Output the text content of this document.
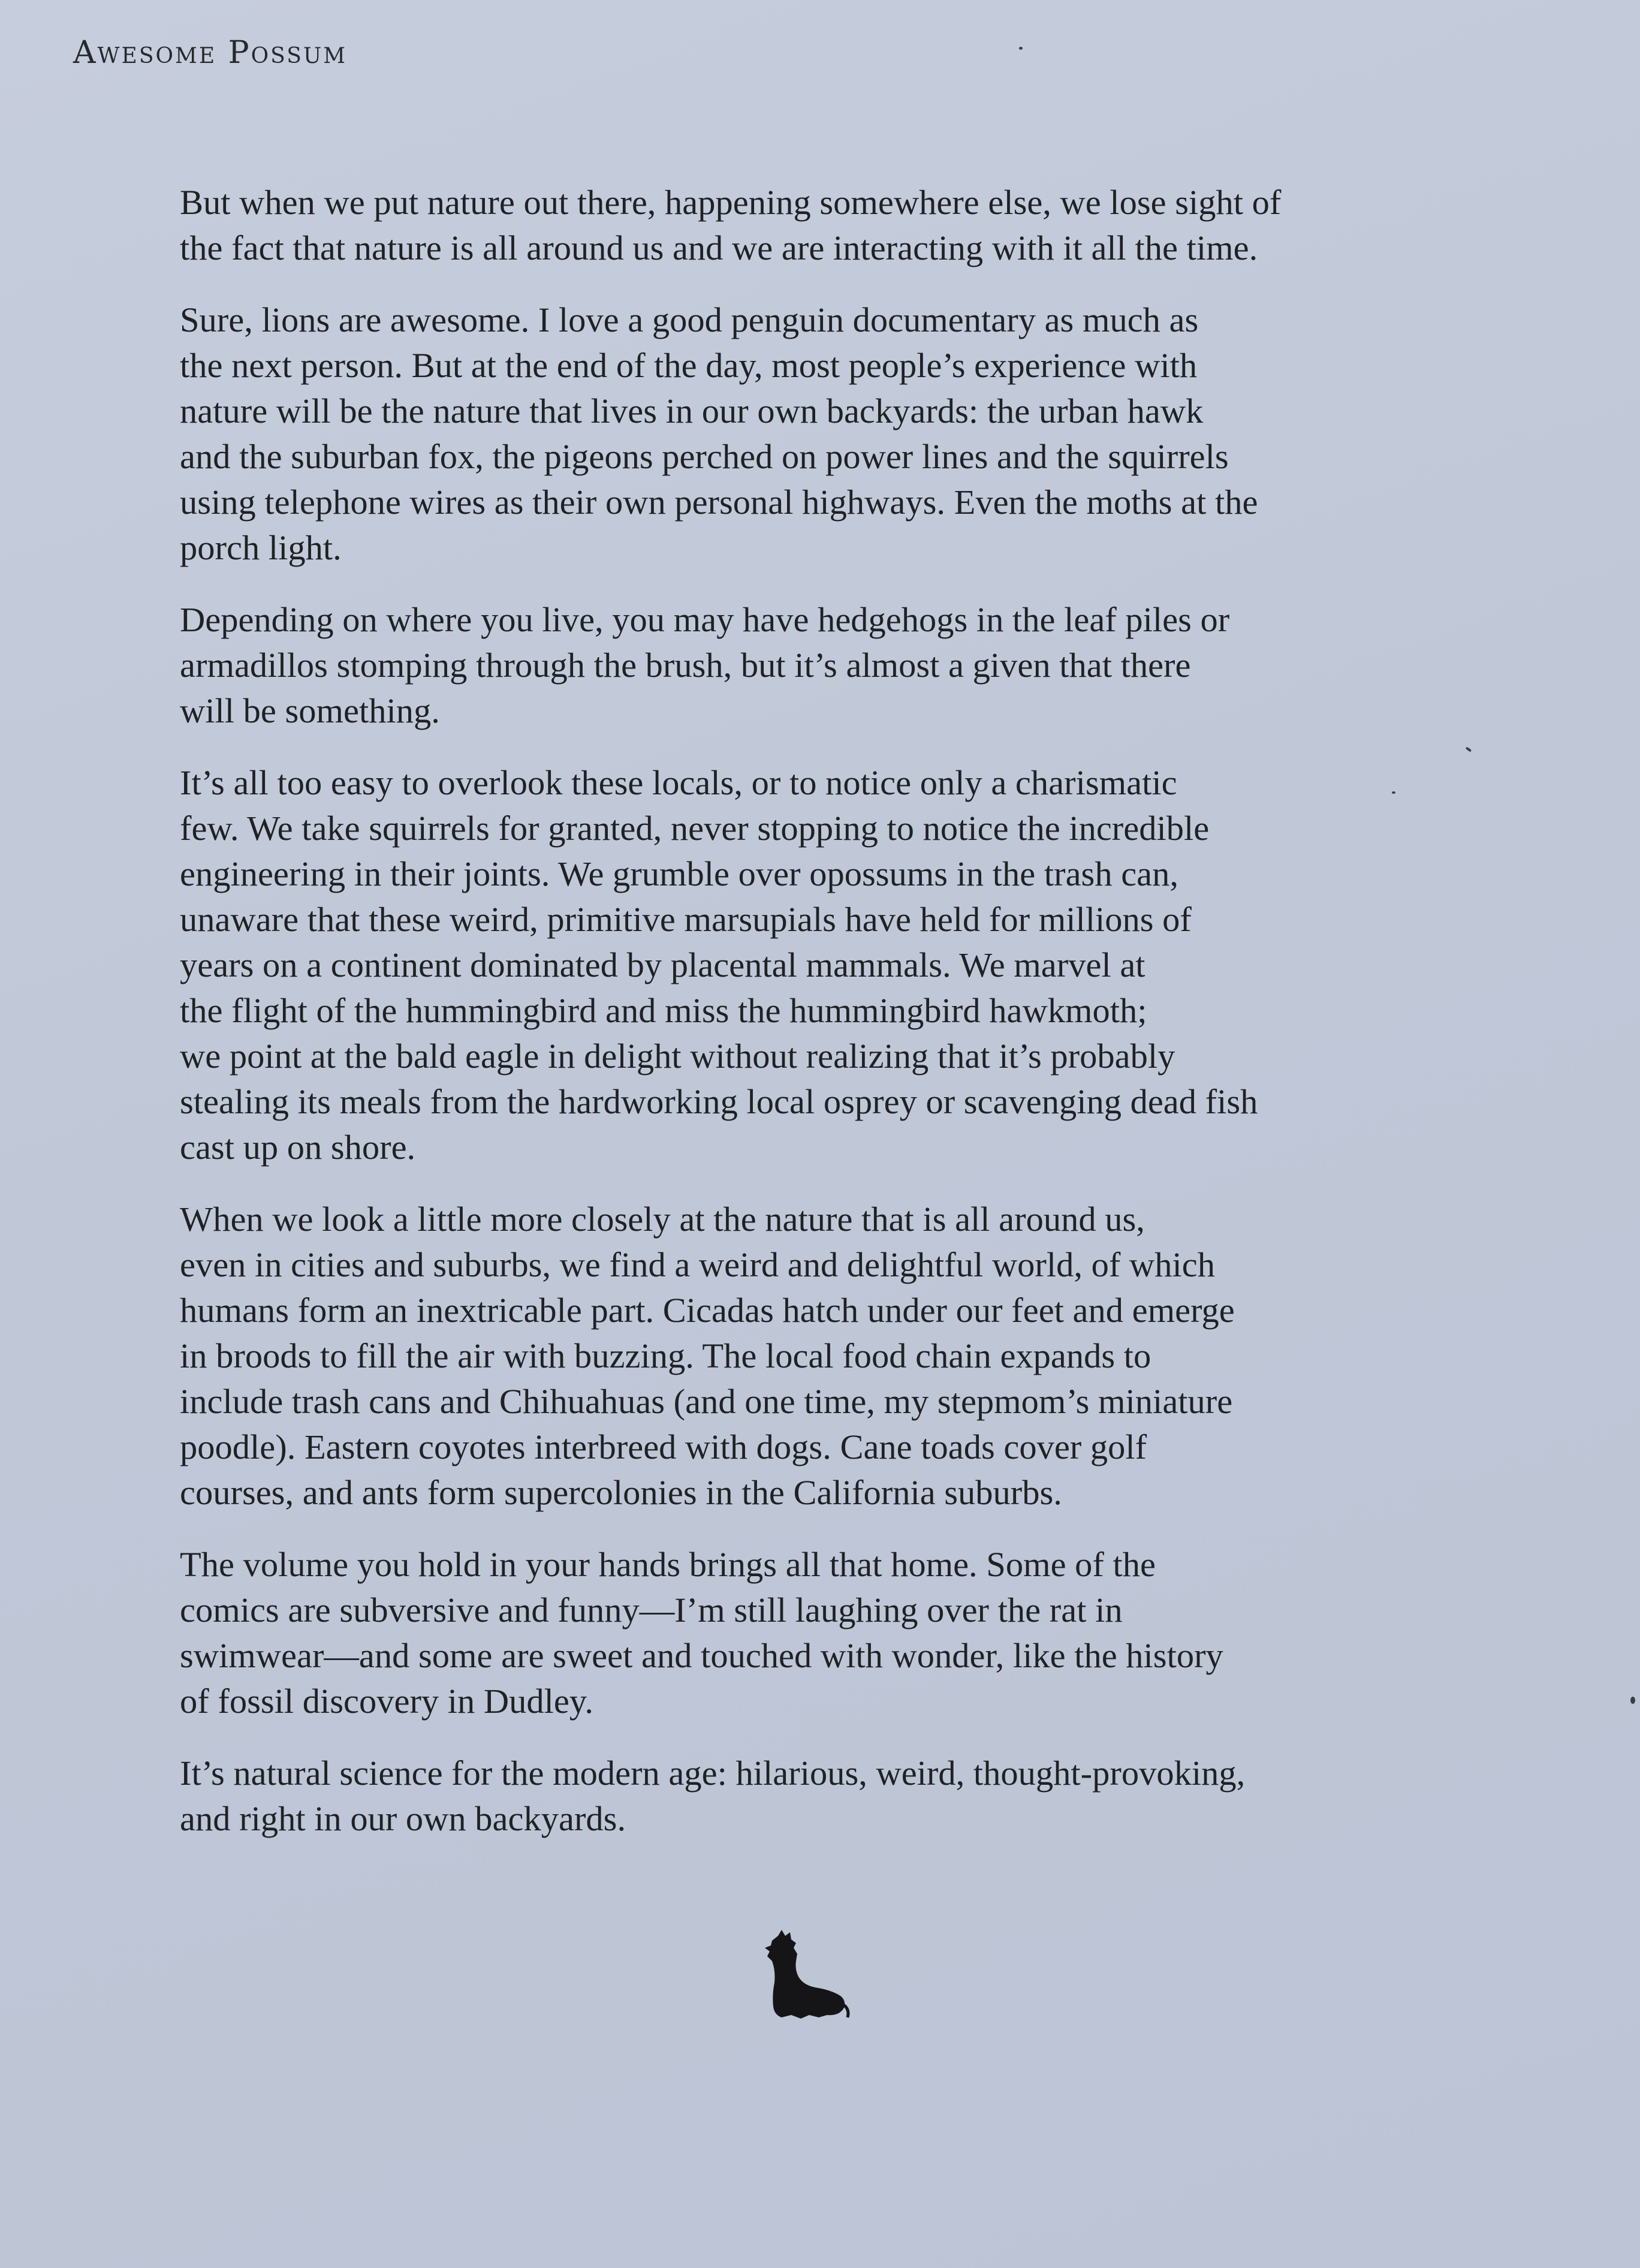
Awesome Possum

But when we put nature out there, happening somewhere else, we lose sight of
the fact that nature is all around us and we are interacting with it all the time.

Sure, lions are awesome. I love a good penguin documentary as much as
the next person. But at the end of the day, most people’s experience with
nature will be the nature that lives in our own backyards: the urban hawk
and the suburban fox, the pigeons perched on power lines and the squirrels
using telephone wires as their own personal highways. Even the moths at the
porch light.

Depending on where you live, you may have hedgehogs in the leaf piles or
armadillos stomping through the brush, but it’s almost a given that there
will be something.

It’s all too easy to overlook these locals, or to notice only a charismatic
few. We take squirrels for granted, never stopping to notice the incredible
engineering in their joints. We grumble over opossums in the trash can,
unaware that these weird, primitive marsupials have held for millions of
years on a continent dominated by placental mammals. We marvel at
the flight of the hummingbird and miss the hummingbird hawkmoth;
we point at the bald eagle in delight without realizing that it’s probably
stealing its meals from the hardworking local osprey or scavenging dead fish
cast up on shore.

When we look a little more closely at the nature that is all around us,
even in cities and suburbs, we find a weird and delightful world, of which
humans form an inextricable part. Cicadas hatch under our feet and emerge
in broods to fill the air with buzzing. The local food chain expands to
include trash cans and Chihuahuas (and one time, my stepmom’s miniature
poodle). Eastern coyotes interbreed with dogs. Cane toads cover golf
courses, and ants form supercolonies in the California suburbs.

The volume you hold in your hands brings all that home. Some of the
comics are subversive and funny—I’m still laughing over the rat in
swimwear—and some are sweet and touched with wonder, like the history
of fossil discovery in Dudley.

It’s natural science for the modern age: hilarious, weird, thought-provoking,
and right in our own backyards.
